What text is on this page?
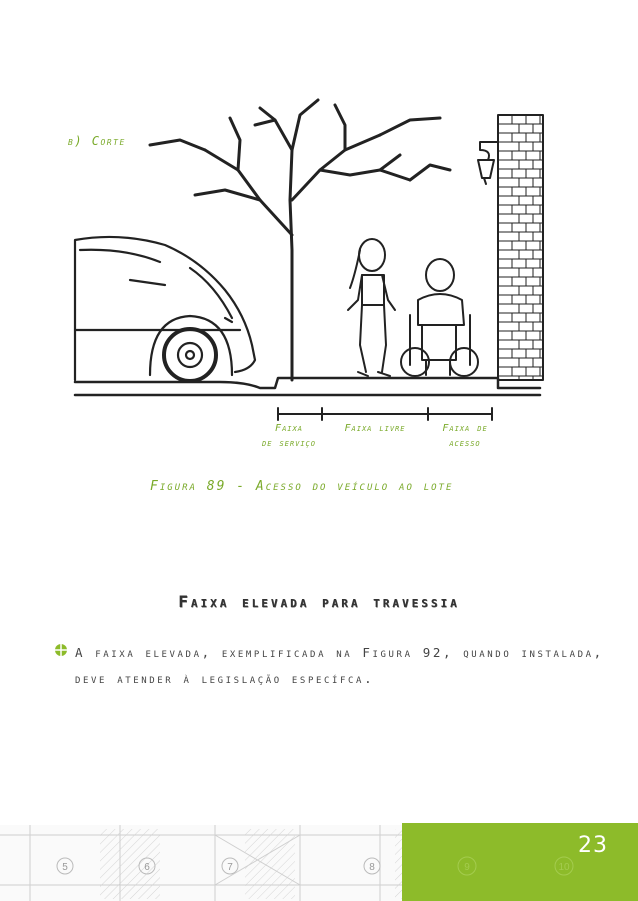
b) Corte
Faixa
de serviço
Faixa livre	Faixa de
acesso
Figura 89 - Acesso do veículo ao lote
Faixa elevada para travessia
A faixa elevada, exemplificada na Figura 92, quando instalada, deve atender à legislação específca.
5	6	7	8	9	10
23
